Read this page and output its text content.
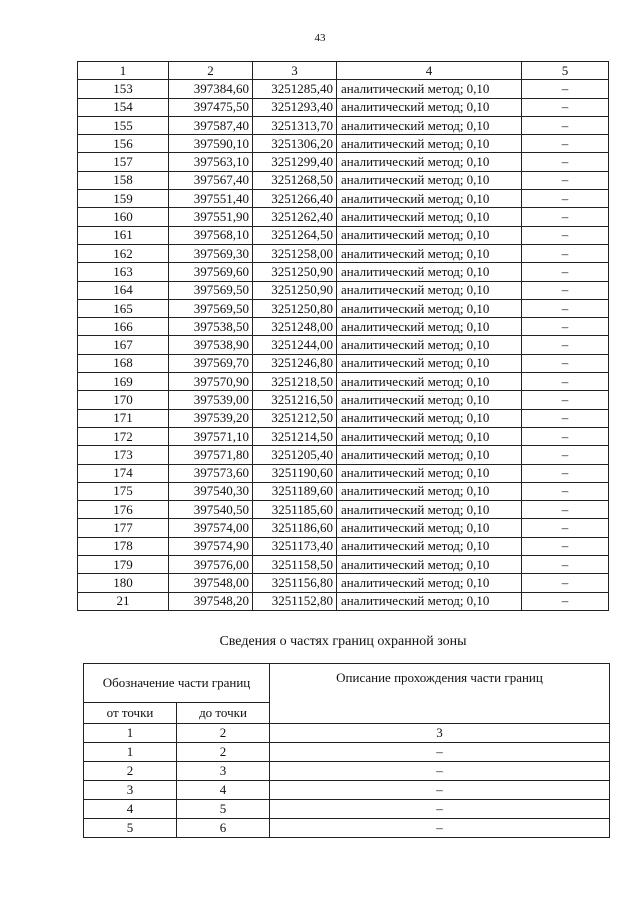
43
1	2	3	4	5
153	397384,60	3251285,40	аналитический метод; 0,10	–
154	397475,50	3251293,40	аналитический метод; 0,10	–
155	397587,40	3251313,70	аналитический метод; 0,10	–
156	397590,10	3251306,20	аналитический метод; 0,10	–
157	397563,10	3251299,40	аналитический метод; 0,10	–
158	397567,40	3251268,50	аналитический метод; 0,10	–
159	397551,40	3251266,40	аналитический метод; 0,10	–
160	397551,90	3251262,40	аналитический метод; 0,10	–
161	397568,10	3251264,50	аналитический метод; 0,10	–
162	397569,30	3251258,00	аналитический метод; 0,10	–
163	397569,60	3251250,90	аналитический метод; 0,10	–
164	397569,50	3251250,90	аналитический метод; 0,10	–
165	397569,50	3251250,80	аналитический метод; 0,10	–
166	397538,50	3251248,00	аналитический метод; 0,10	–
167	397538,90	3251244,00	аналитический метод; 0,10	–
168	397569,70	3251246,80	аналитический метод; 0,10	–
169	397570,90	3251218,50	аналитический метод; 0,10	–
170	397539,00	3251216,50	аналитический метод; 0,10	–
171	397539,20	3251212,50	аналитический метод; 0,10	–
172	397571,10	3251214,50	аналитический метод; 0,10	–
173	397571,80	3251205,40	аналитический метод; 0,10	–
174	397573,60	3251190,60	аналитический метод; 0,10	–
175	397540,30	3251189,60	аналитический метод; 0,10	–
176	397540,50	3251185,60	аналитический метод; 0,10	–
177	397574,00	3251186,60	аналитический метод; 0,10	–
178	397574,90	3251173,40	аналитический метод; 0,10	–
179	397576,00	3251158,50	аналитический метод; 0,10	–
180	397548,00	3251156,80	аналитический метод; 0,10	–
21	397548,20	3251152,80	аналитический метод; 0,10	–
Сведения о частях границ охранной зоны
Обозначение части границ		Описание прохождения части границ
от точки	до точки	
1	2	3
1	2	–
2	3	–
3	4	–
4	5	–
5	6	–
